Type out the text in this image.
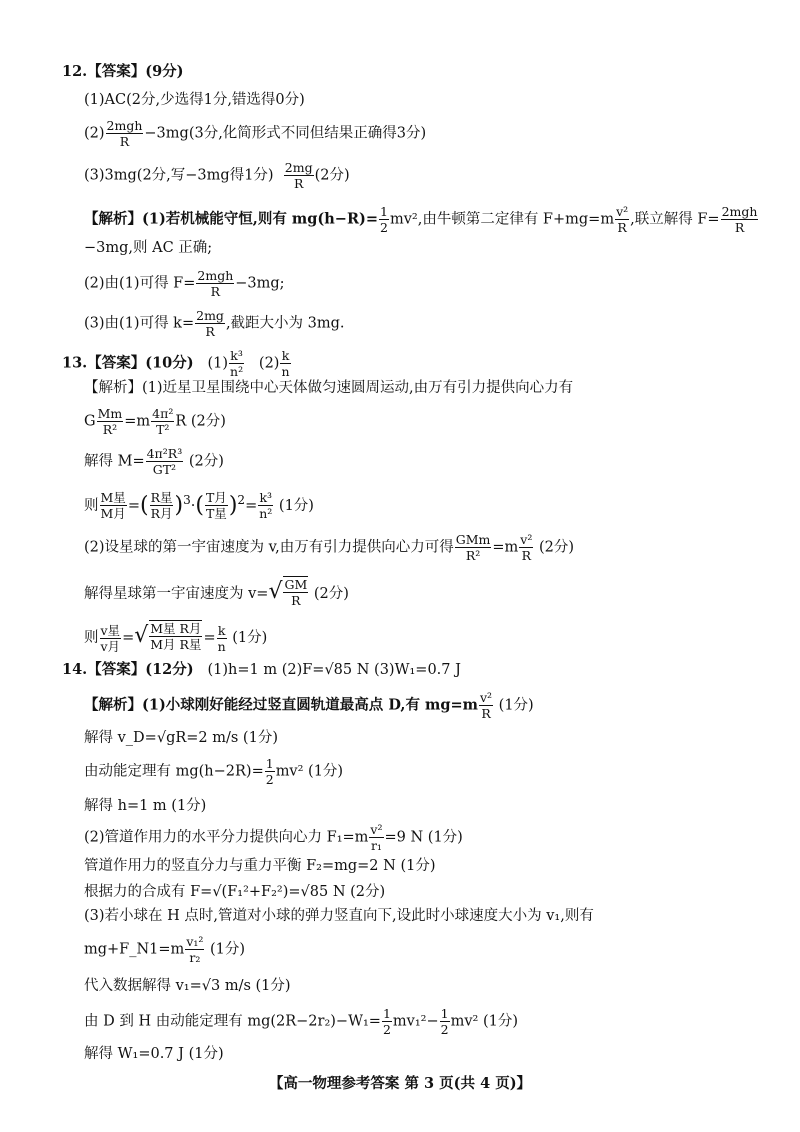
12.【答案】(9分)
(1)AC(2分,少选得1分,错选得0分)
(2) 2mgh
R	−3mg(3分,化简形式不同但结果正确得3分)
(3)3mg(2分,写−3mg得1分) $\frac{2mg}{R} (2$分)
【解析】(1)若机械能守恒,则有 $mg(h-R)= \frac{1}{2} mv^2$,由牛顿第二定律有 $F+mg=m \frac{\text{v²}}{R}$ ,联立解得 F= 2mgh
R
−3mg,则 AC 正确;
(2)由(1)可得 F= 2mgh
R	−3mg;
(3)由(1)可得 $k= \frac{2mg}{R}$ ,截距大小为 3mg.
13.【答案】(10分) $(1) \frac{\text{k³}}{\text{n²}} (2) \frac{k}{n}$
【解析】(1)近星卫星围绕中心天体做匀速圆周运动,由万有引力提供向心力有
G $\frac{Mm}{\text{R²}} =m \frac{\text{4π²}}{\text{T²}}$ R (2分)
解得 $M= \frac{\text{4π²R³}}{\text{GT²}} (2$分)
则 M星
M月 =( R星
R月 )$^3$·( T月
T星 )$^2= \frac{\text{k³}}{\text{n²}} (1$分)
(2)设星球的第一宇宙速度为 v,由万有引力提供向心力可得 GMm
$R^2 =m \frac{\text{v²}}{R} (2$分)
解得星球第一宇宙速度为 v= √ $\frac{GM}{R} (2$分)
则 v星
v月 = √ M星 R月
M月 R星 = $\frac{k}{n} (1$分)
14.【答案】(12分) (1)h=1 m (2)F=√85 N (3)W₁=0.7 J
【解析】(1)小球刚好能经过竖直圆轨道最高点 D,有 $mg=m \frac{\text{v²}}{R} (1$分)
解得 v_D=√gR=2 m/s (1分)
由动能定理有 $mg(h-2R)= \frac{1}{2} mv^2$ (1分)
解得 h=1 m (1分)
(2)管道作用力的水平分力提供向心力 $F_1=m \frac{\text{v²}}{\text{r₁}} =9$ N (1分)
管道作用力的竖直分力与重力平衡 F₂=mg=2 N (1分)
根据力的合成有 F=√(F₁²+F₂²)=√85 N (2分)
(3)若小球在 H 点时,管道对小球的弹力竖直向下,设此时小球速度大小为 v₁,则有
mg+F_N1=m $\frac{\text{v₁²}}{\text{r₂}} (1$分)
代入数据解得 v₁=√3 m/s (1分)
由 D 到 H 由动能定理有 $mg(2R-2r_2)-W_1= \frac{1}{2} mv_1^2- \frac{1}{2} mv^2$ (1分)
解得 W₁=0.7 J (1分)
【高一物理参考答案 第 3 页(共 4 页)】
